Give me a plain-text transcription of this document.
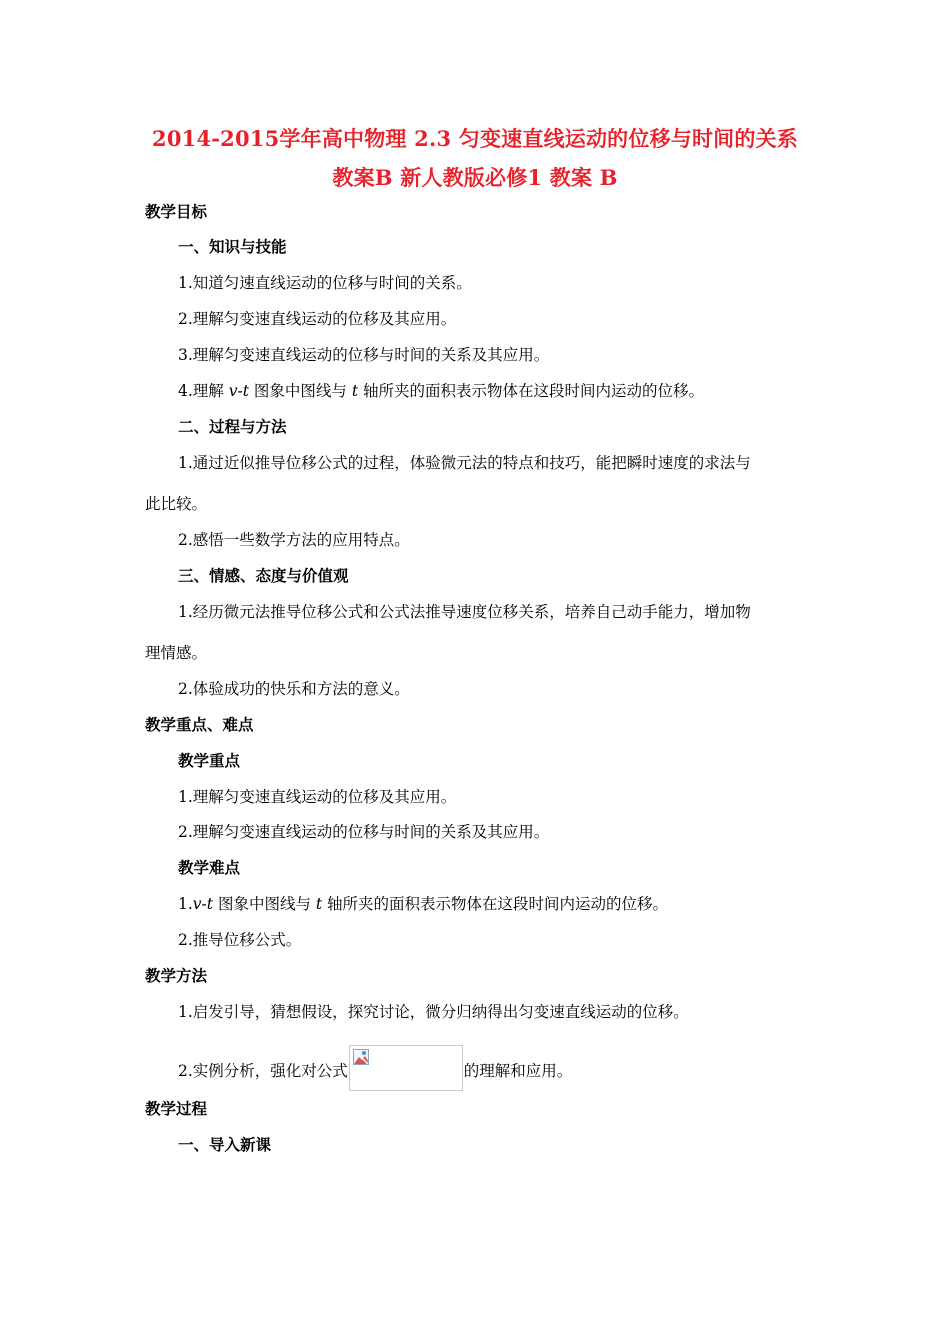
2014-2015学年高中物理 2.3 匀变速直线运动的位移与时间的关系
教案B 新人教版必修1 教案 B
教学目标
一、知识与技能
1.知道匀速直线运动的位移与时间的关系。
2.理解匀变速直线运动的位移及其应用。
3.理解匀变速直线运动的位移与时间的关系及其应用。
4.理解 v-t 图象中图线与 t 轴所夹的面积表示物体在这段时间内运动的位移。
二、过程与方法
1.通过近似推导位移公式的过程，体验微元法的特点和技巧，能把瞬时速度的求法与
此比较。
2.感悟一些数学方法的应用特点。
三、情感、态度与价值观
1.经历微元法推导位移公式和公式法推导速度位移关系，培养自己动手能力，增加物
理情感。
2.体验成功的快乐和方法的意义。
教学重点、难点
教学重点
1.理解匀变速直线运动的位移及其应用。
2.理解匀变速直线运动的位移与时间的关系及其应用。
教学难点
1.v-t 图象中图线与 t 轴所夹的面积表示物体在这段时间内运动的位移。
2.推导位移公式。
教学方法
1.启发引导，猜想假设，探究讨论，微分归纳得出匀变速直线运动的位移。
2.实例分析，强化对公式	的理解和应用。
教学过程
一、导入新课
